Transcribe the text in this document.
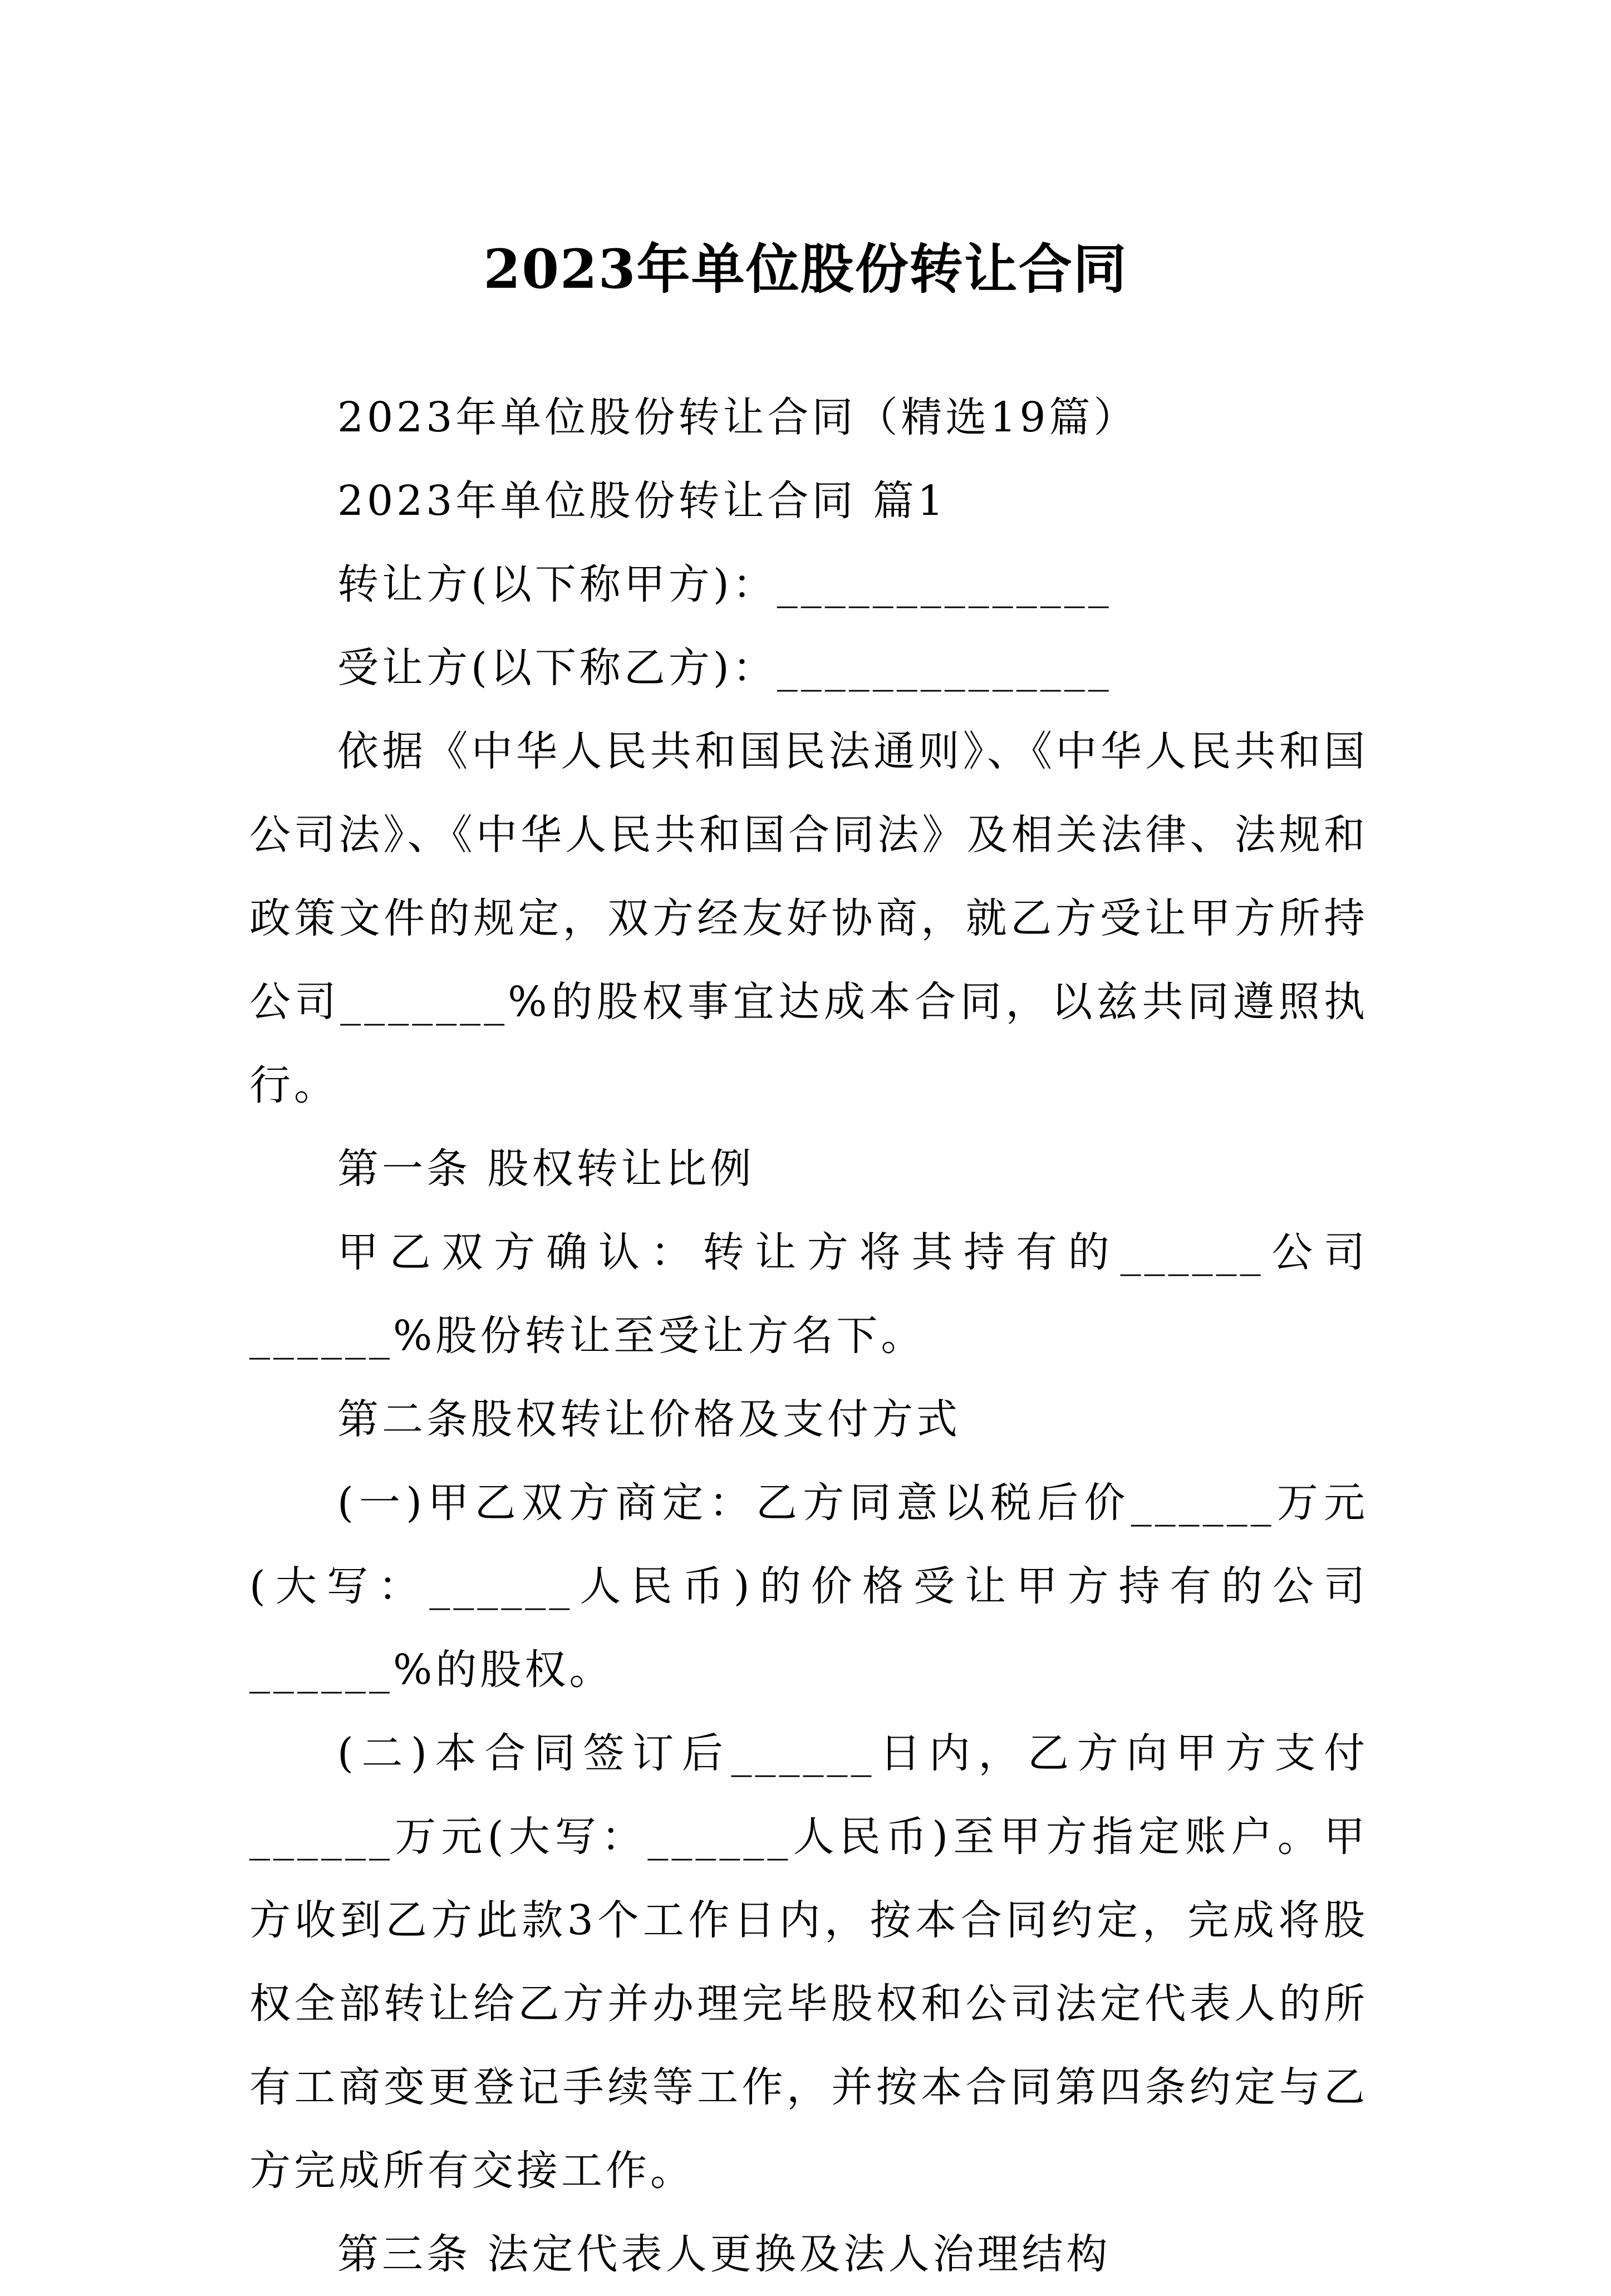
2023年单位股份转让合同

2023年单位股份转让合同（精选19篇）

2023年单位股份转让合同 篇1

转让方(以下称甲方)：______________

受让方(以下称乙方)：______________

依据《中华人民共和国民法通则》、《中华人民共和国公司法》、《中华人民共和国合同法》及相关法律、法规和政策文件的规定，双方经友好协商，就乙方受让甲方所持公司_______%的股权事宜达成本合同，以兹共同遵照执行。

第一条 股权转让比例

甲乙双方确认：转让方将其持有的______公司______%股份转让至受让方名下。

第二条股权转让价格及支付方式

(一)甲乙双方商定：乙方同意以税后价______万元(大写：______人民币)的价格受让甲方持有的公司______%的股权。

(二)本合同签订后______日内，乙方向甲方支付______万元(大写：______人民币)至甲方指定账户。甲方收到乙方此款3个工作日内，按本合同约定，完成将股权全部转让给乙方并办理完毕股权和公司法定代表人的所有工商变更登记手续等工作，并按本合同第四条约定与乙方完成所有交接工作。

第三条 法定代表人更换及法人治理结构
